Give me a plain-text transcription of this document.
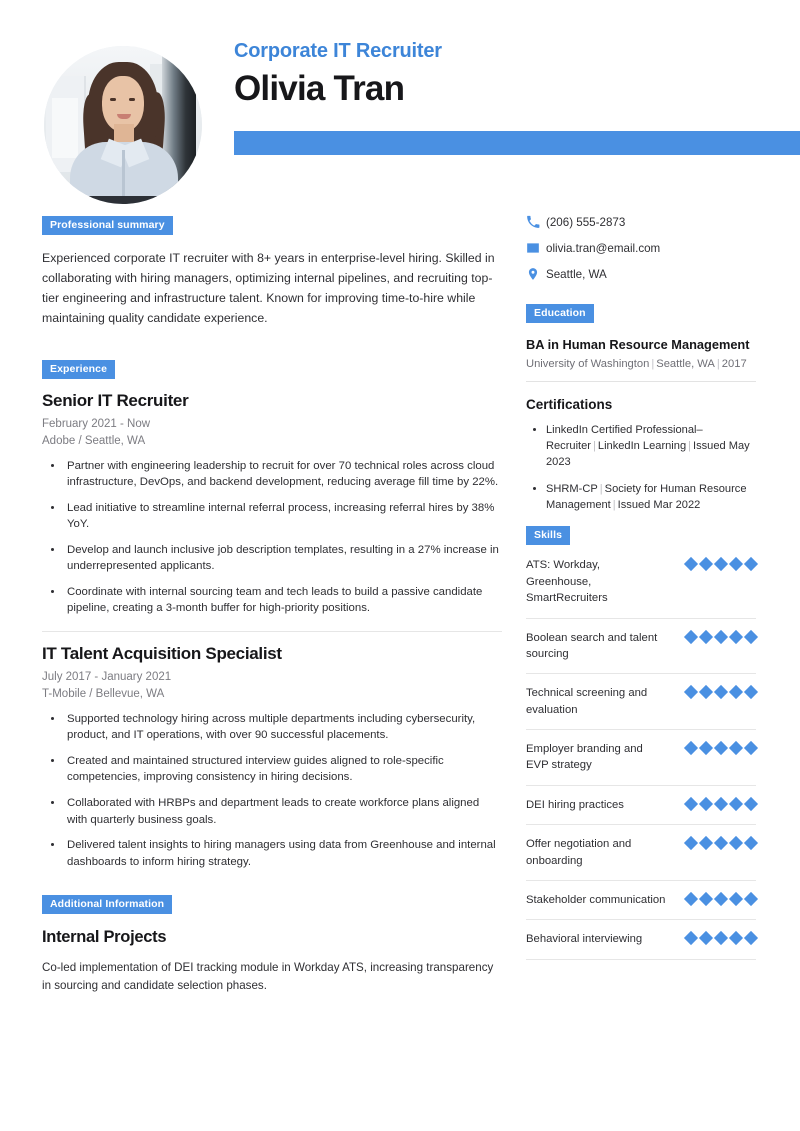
Corporate IT Recruiter
Olivia Tran
Professional summary
Experienced corporate IT recruiter with 8+ years in enterprise-level hiring. Skilled in collaborating with hiring managers, optimizing internal pipelines, and recruiting top-tier engineering and infrastructure talent. Known for improving time-to-hire while maintaining quality candidate experience.
Experience
Senior IT Recruiter
February 2021 - Now
Adobe / Seattle, WA
• Partner with engineering leadership to recruit for over 70 technical roles across cloud infrastructure, DevOps, and backend development, reducing average fill time by 22%.
• Lead initiative to streamline internal referral process, increasing referral hires by 38% YoY.
• Develop and launch inclusive job description templates, resulting in a 27% increase in underrepresented applicants.
• Coordinate with internal sourcing team and tech leads to build a passive candidate pipeline, creating a 3-month buffer for high-priority positions.
IT Talent Acquisition Specialist
July 2017 - January 2021
T-Mobile / Bellevue, WA
• Supported technology hiring across multiple departments including cybersecurity, product, and IT operations, with over 90 successful placements.
• Created and maintained structured interview guides aligned to role-specific competencies, improving consistency in hiring decisions.
• Collaborated with HRBPs and department leads to create workforce plans aligned with quarterly business goals.
• Delivered talent insights to hiring managers using data from Greenhouse and internal dashboards to inform hiring strategy.
Additional Information
Internal Projects
Co-led implementation of DEI tracking module in Workday ATS, increasing transparency in sourcing and candidate selection phases.
(206) 555-2873
olivia.tran@email.com
Seattle, WA
Education
BA in Human Resource Management
University of Washington | Seattle, WA | 2017
Certifications
• LinkedIn Certified Professional–Recruiter | LinkedIn Learning | Issued May 2023
• SHRM-CP | Society for Human Resource Management | Issued Mar 2022
Skills
ATS: Workday, Greenhouse, SmartRecruiters
Boolean search and talent sourcing
Technical screening and evaluation
Employer branding and EVP strategy
DEI hiring practices
Offer negotiation and onboarding
Stakeholder communication
Behavioral interviewing
